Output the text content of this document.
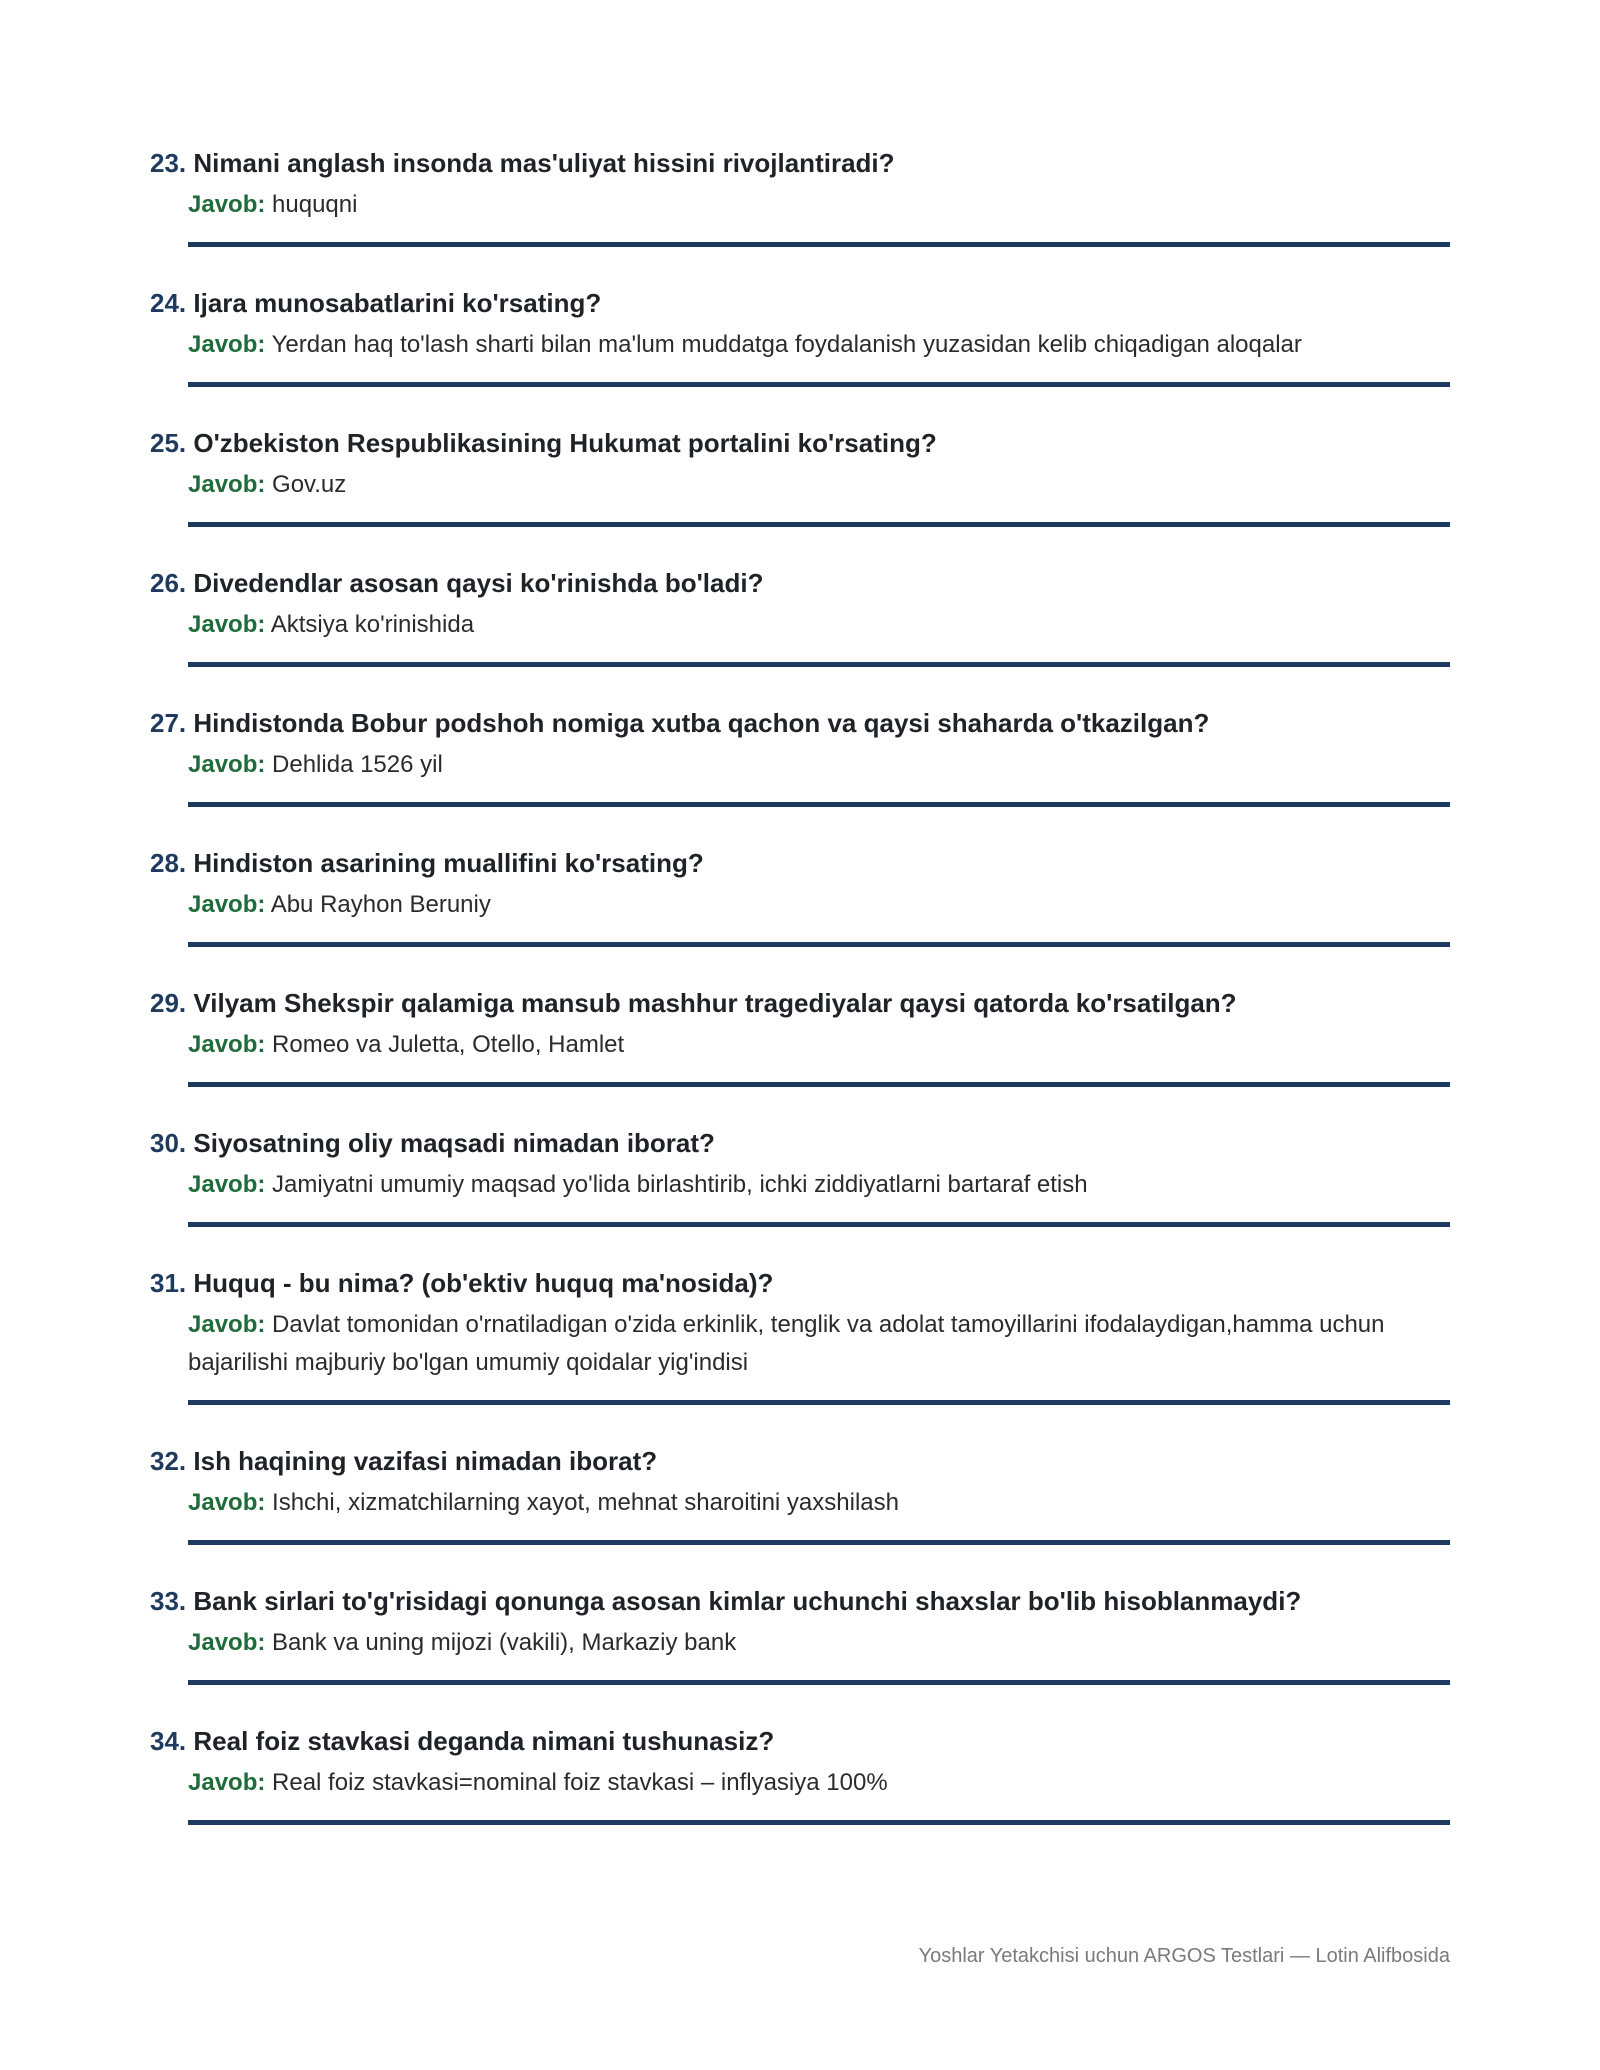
23. Nimani anglash insonda mas'uliyat hissini rivojlantiradi?
Javob: huquqni
24. Ijara munosabatlarini ko'rsating?
Javob: Yerdan haq to'lash sharti bilan ma'lum muddatga foydalanish yuzasidan kelib chiqadigan aloqalar
25. O'zbekiston Respublikasining Hukumat portalini ko'rsating?
Javob: Gov.uz
26. Divedendlar asosan qaysi ko'rinishda bo'ladi?
Javob: Aktsiya ko'rinishida
27. Hindistonda Bobur podshoh nomiga xutba qachon va qaysi shaharda o'tkazilgan?
Javob: Dehlida 1526 yil
28. Hindiston asarining muallifini ko'rsating?
Javob: Abu Rayhon Beruniy
29. Vilyam Shekspir qalamiga mansub mashhur tragediyalar qaysi qatorda ko'rsatilgan?
Javob: Romeo va Juletta, Otello, Hamlet
30. Siyosatning oliy maqsadi nimadan iborat?
Javob: Jamiyatni umumiy maqsad yo'lida birlashtirib, ichki ziddiyatlarni bartaraf etish
31. Huquq - bu nima? (ob'ektiv huquq ma'nosida)?
Javob: Davlat tomonidan o'rnatiladigan o'zida erkinlik, tenglik va adolat tamoyillarini ifodalaydigan,hamma uchun bajarilishi majburiy bo'lgan umumiy qoidalar yig'indisi
32. Ish haqining vazifasi nimadan iborat?
Javob: Ishchi, xizmatchilarning xayot, mehnat sharoitini yaxshilash
33. Bank sirlari to'g'risidagi qonunga asosan kimlar uchunchi shaxslar bo'lib hisoblanmaydi?
Javob: Bank va uning mijozi (vakili), Markaziy bank
34. Real foiz stavkasi deganda nimani tushunasiz?
Javob: Real foiz stavkasi=nominal foiz stavkasi – inflyasiya 100%
Yoshlar Yetakchisi uchun ARGOS Testlari — Lotin Alifbosida
